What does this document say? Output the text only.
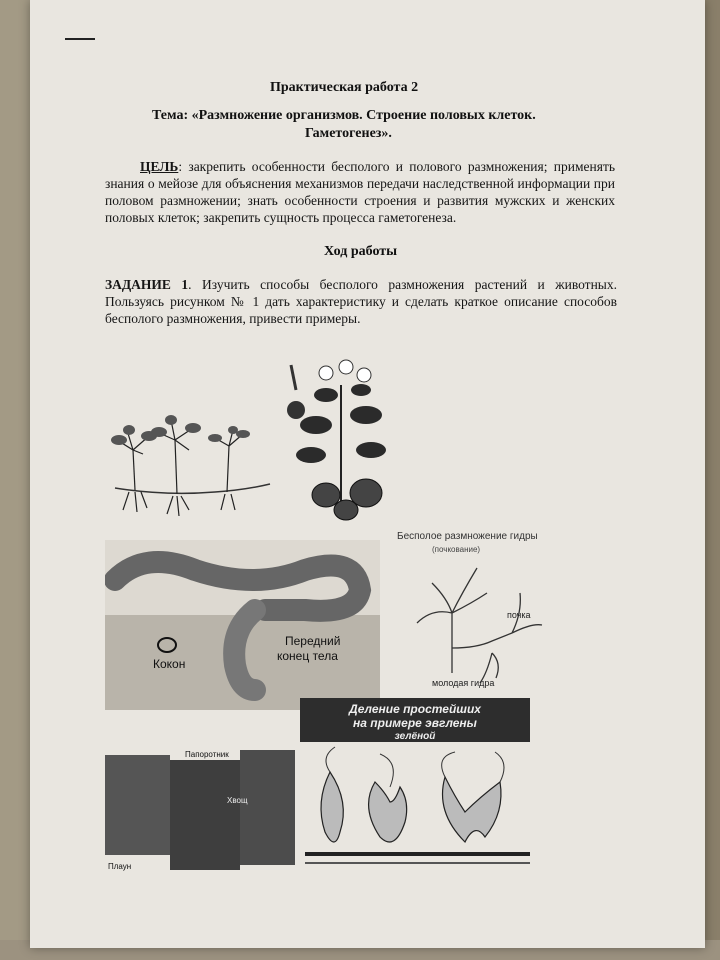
Практическая работа 2
Тема: «Размножение организмов. Строение половых клеток.
Гаметогенез».
ЦЕЛЬ: закрепить особенности бесполого и полового размножения; применять знания о мейозе для объяснения механизмов передачи наследственной информации при половом размножении; знать особенности строения и развития мужских и женских половых клеток; закрепить сущность процесса гаметогенеза.
Ход работы
ЗАДАНИЕ 1. Изучить способы бесполого размножения растений и животных. Пользуясь рисунком № 1 дать характеристику и сделать краткое описание способов бесполого размножения, привести примеры.
Кокон
Передний
конец тела
Бесполое размножение гидры
(почкование)
почка
молодая гидра
Деление простейших
на примере эвглены
зелёной
Папоротник
Хвощ
Плаун
